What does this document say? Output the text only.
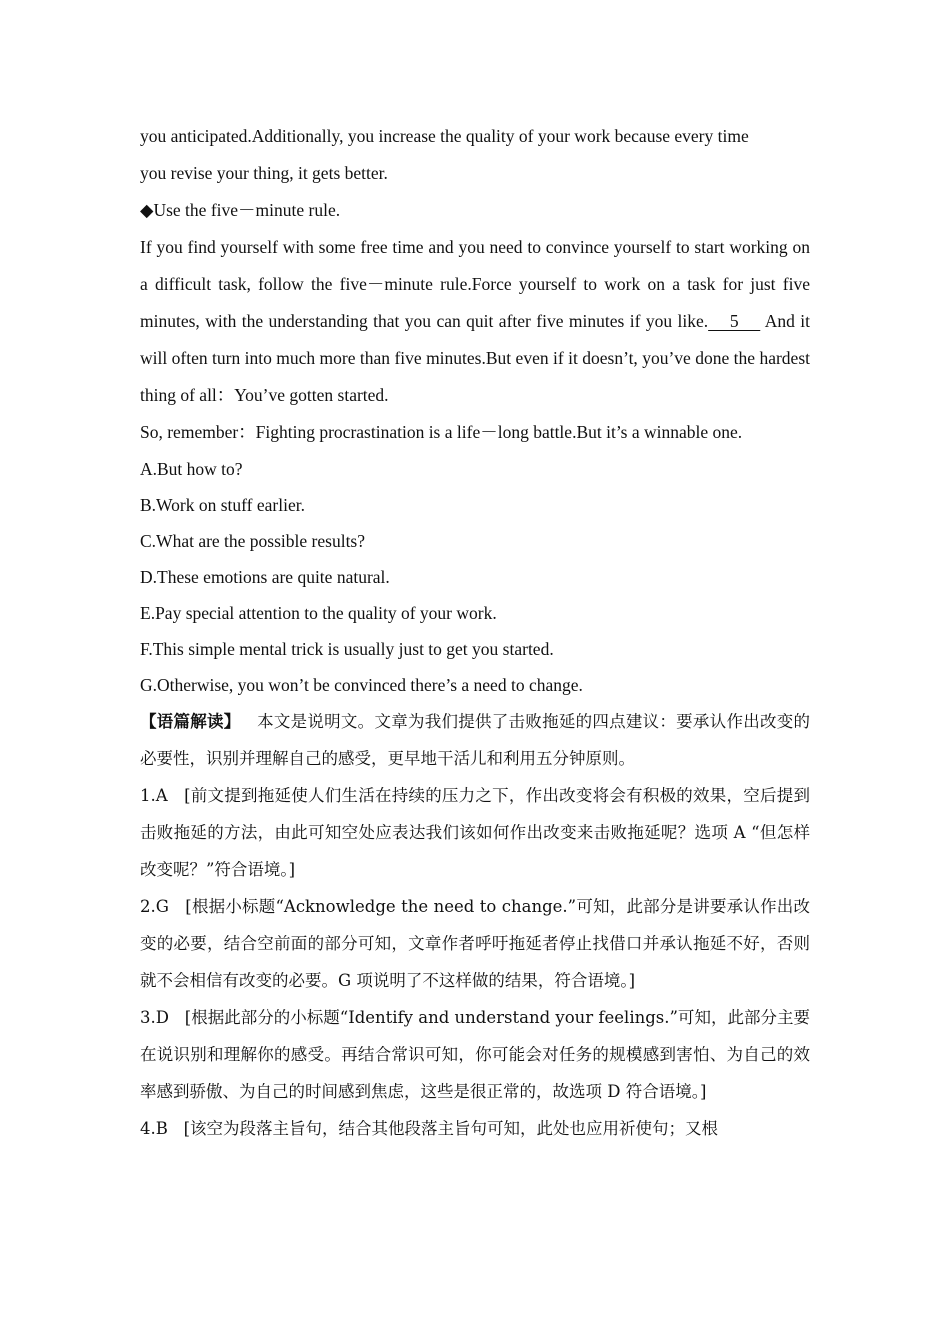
you anticipated.Additionally, you increase the quality of your work because every time

you revise your thing, it gets better.

◆Use the five－minute rule.

If you find yourself with some free time and you need to convince yourself to start working on a difficult task, follow the five－minute rule.Force yourself to work on a task for just five minutes, with the understanding that you can quit after five minutes if you like.    5     And it will often turn into much more than five minutes.But even if it doesn’t, you’ve done the hardest thing of all：You’ve gotten started.

So, remember：Fighting procrastination is a life－long battle.But it’s a winnable one.

A.But how to?

B.Work on stuff earlier.

C.What are the possible results?

D.These emotions are quite natural.

E.Pay special attention to the quality of your work.

F.This simple mental trick is usually just to get you started.

G.Otherwise, you won’t be convinced there’s a need to change.

【语篇解读】 本文是说明文。文章为我们提供了击败拖延的四点建议：要承认作出改变的必要性，识别并理解自己的感受，更早地干活儿和利用五分钟原则。

1.A [前文提到拖延使人们生活在持续的压力之下，作出改变将会有积极的效果，空后提到击败拖延的方法，由此可知空处应表达我们该如何作出改变来击败拖延呢？选项 A “但怎样改变呢？”符合语境。]

2.G [根据小标题“Acknowledge the need to change.”可知，此部分是讲要承认作出改变的必要，结合空前面的部分可知，文章作者呼吁拖延者停止找借口并承认拖延不好，否则就不会相信有改变的必要。G 项说明了不这样做的结果，符合语境。]

3.D [根据此部分的小标题“Identify and understand your feelings.”可知，此部分主要在说识别和理解你的感受。再结合常识可知，你可能会对任务的规模感到害怕、为自己的效率感到骄傲、为自己的时间感到焦虑，这些是很正常的，故选项 D 符合语境。]

4.B [该空为段落主旨句，结合其他段落主旨句可知，此处也应用祈使句；又根
